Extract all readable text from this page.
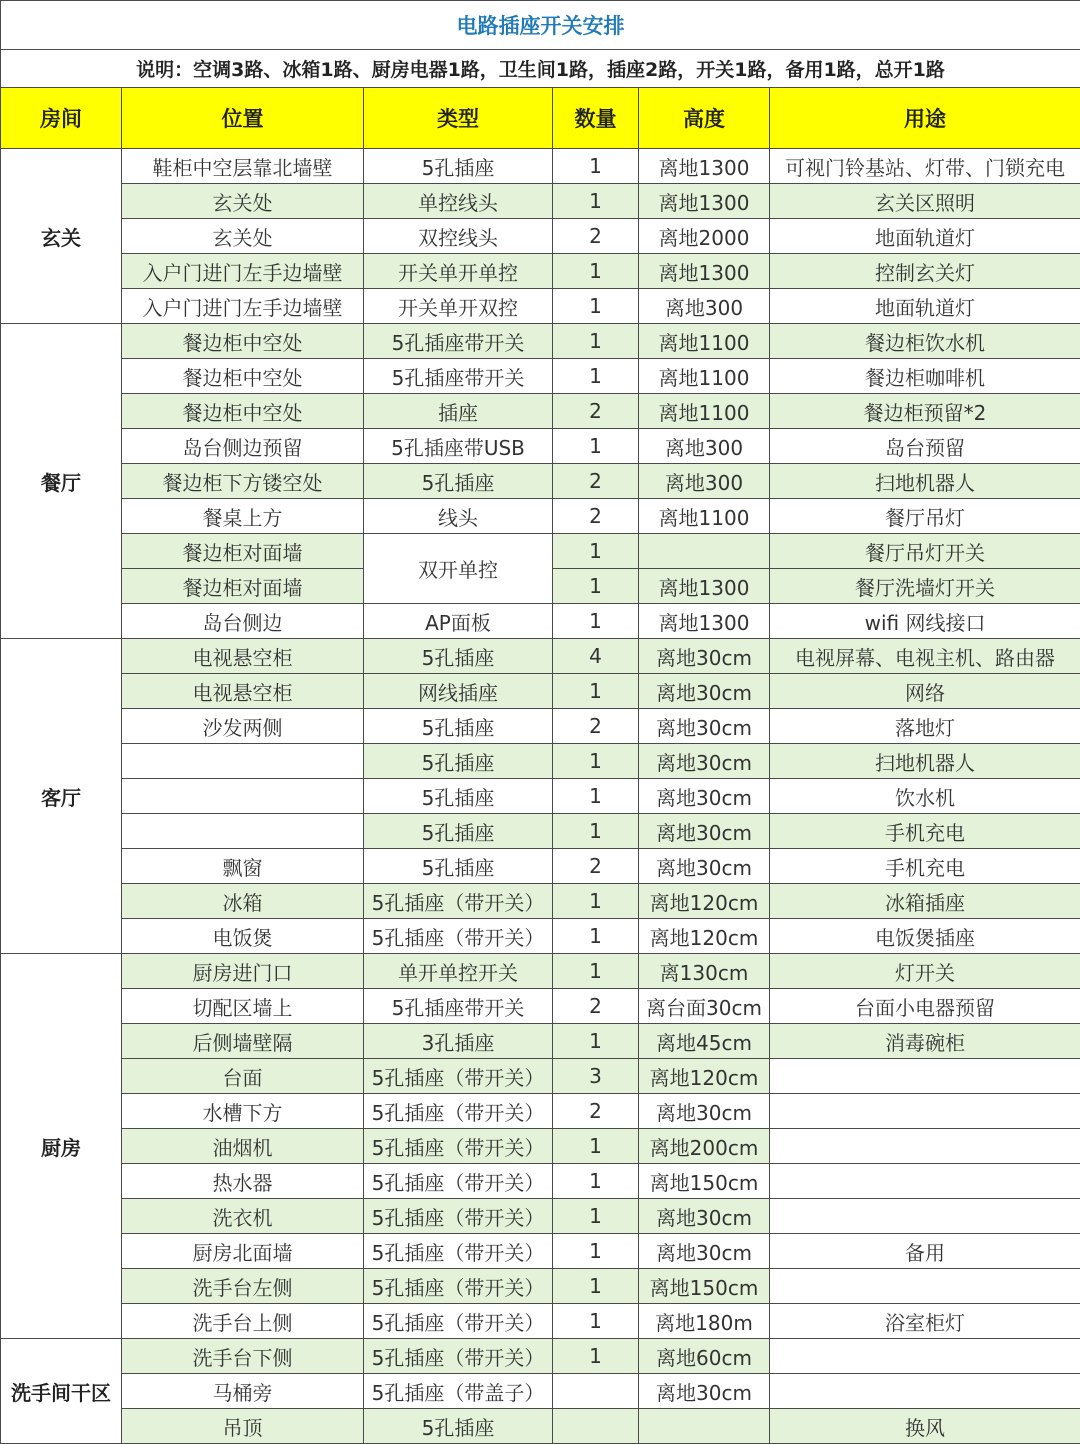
电路插座开关安排					
说明：空调3路、冰箱1路、厨房电器1路，卫生间1路，插座2路，开关1路，备用1路，总开1路					
房间	位置	类型	数量	高度	用途
玄关	鞋柜中空层靠北墙壁	5孔插座	1	离地1300	可视门铃基站、灯带、门锁充电
	玄关处	单控线头	1	离地1300	玄关区照明
	玄关处	双控线头	2	离地2000	地面轨道灯
	入户门进门左手边墙壁	开关单开单控	1	离地1300	控制玄关灯
	入户门进门左手边墙壁	开关单开双控	1	离地300	地面轨道灯
餐厅	餐边柜中空处	5孔插座带开关	1	离地1100	餐边柜饮水机
	餐边柜中空处	5孔插座带开关	1	离地1100	餐边柜咖啡机
	餐边柜中空处	插座	2	离地1100	餐边柜预留*2
	岛台侧边预留	5孔插座带USB	1	离地300	岛台预留
	餐边柜下方镂空处	5孔插座	2	离地300	扫地机器人
	餐桌上方	线头	2	离地1100	餐厅吊灯
	餐边柜对面墙	双开单控	1		餐厅吊灯开关
	餐边柜对面墙		1	离地1300	餐厅洗墙灯开关
	岛台侧边	AP面板	1	离地1300	wifi 网线接口
客厅	电视悬空柜	5孔插座	4	离地30cm	电视屏幕、电视主机、路由器
	电视悬空柜	网线插座	1	离地30cm	网络
	沙发两侧	5孔插座	2	离地30cm	落地灯
		5孔插座	1	离地30cm	扫地机器人
		5孔插座	1	离地30cm	饮水机
		5孔插座	1	离地30cm	手机充电
	飘窗	5孔插座	2	离地30cm	手机充电
	冰箱	5孔插座（带开关）	1	离地120cm	冰箱插座
	电饭煲	5孔插座（带开关）	1	离地120cm	电饭煲插座
厨房	厨房进门口	单开单控开关	1	离130cm	灯开关
	切配区墙上	5孔插座带开关	2	离台面30cm	台面小电器预留
	后侧墙壁隔	3孔插座	1	离地45cm	消毒碗柜
	台面	5孔插座（带开关）	3	离地120cm	
	水槽下方	5孔插座（带开关）	2	离地30cm	
	油烟机	5孔插座（带开关）	1	离地200cm	
	热水器	5孔插座（带开关）	1	离地150cm	
	洗衣机	5孔插座（带开关）	1	离地30cm	
	厨房北面墙	5孔插座（带开关）	1	离地30cm	备用
	洗手台左侧	5孔插座（带开关）	1	离地150cm	
	洗手台上侧	5孔插座（带开关）	1	离地180m	浴室柜灯
洗手间干区	洗手台下侧	5孔插座（带开关）	1	离地60cm	
	马桶旁	5孔插座（带盖子）		离地30cm	
	吊顶	5孔插座			换风
